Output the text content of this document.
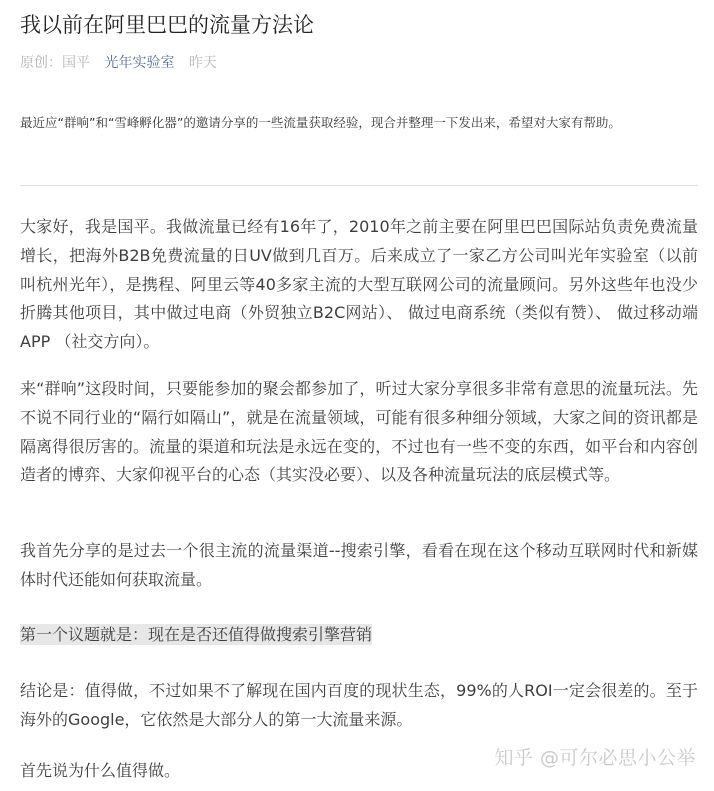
我以前在阿里巴巴的流量方法论
原创：国平 光年实验室 昨天
最近应“群响”和“雪峰孵化器”的邀请分享的一些流量获取经验，现合并整理一下发出来，希望对大家有帮助。

大家好，我是国平。我做流量已经有16年了，2010年之前主要在阿里巴巴国际站负责免费流量增长，把海外B2B免费流量的日UV做到几百万。后来成立了一家乙方公司叫光年实验室（以前叫杭州光年），是携程、阿里云等40多家主流的大型互联网公司的流量顾问。另外这些年也没少折腾其他项目，其中做过电商（外贸独立B2C网站）、 做过电商系统（类似有赞）、 做过移动端APP （社交方向）。

来“群响”这段时间，只要能参加的聚会都参加了，听过大家分享很多非常有意思的流量玩法。先不说不同行业的“隔行如隔山”，就是在流量领域，可能有很多种细分领域，大家之间的资讯都是隔离得很厉害的。流量的渠道和玩法是永远在变的，不过也有一些不变的东西，如平台和内容创造者的博弈、大家仰视平台的心态（其实没必要）、以及各种流量玩法的底层模式等。

我首先分享的是过去一个很主流的流量渠道--搜索引擎，看看在现在这个移动互联网时代和新媒体时代还能如何获取流量。

第一个议题就是：现在是否还值得做搜索引擎营销

结论是：值得做，不过如果不了解现在国内百度的现状生态，99%的人ROI一定会很差的。至于海外的Google，它依然是大部分人的第一大流量来源。

首先说为什么值得做。

知乎 @可尔必思小公举
